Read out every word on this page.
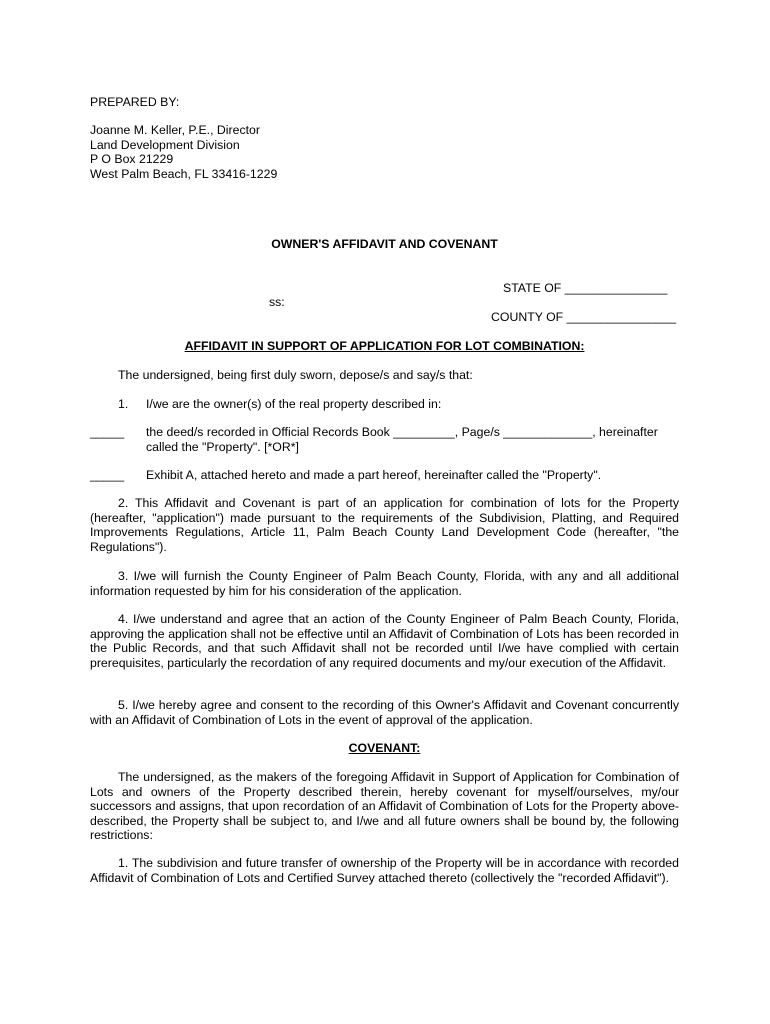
PREPARED BY:
Joanne M. Keller, P.E., Director
Land Development Division
P O Box 21229
West Palm Beach, FL 33416-1229
OWNER'S AFFIDAVIT AND COVENANT
STATE OF _______________
ss:
COUNTY OF ________________
AFFIDAVIT IN SUPPORT OF APPLICATION FOR LOT COMBINATION:
The undersigned, being first duly sworn, depose/s and say/s that:
1. I/we are the owner(s) of the real property described in:
_____ the deed/s recorded in Official Records Book _________, Page/s _____________, hereinafter
called the "Property". [*OR*]
_____ Exhibit A, attached hereto and made a part hereof, hereinafter called the "Property".
2. This Affidavit and Covenant is part of an application for combination of lots for the Property (hereafter, "application") made pursuant to the requirements of the Subdivision, Platting, and Required Improvements Regulations, Article 11, Palm Beach County Land Development Code (hereafter, "the Regulations").
3. I/we will furnish the County Engineer of Palm Beach County, Florida, with any and all additional information requested by him for his consideration of the application.
4. I/we understand and agree that an action of the County Engineer of Palm Beach County, Florida, approving the application shall not be effective until an Affidavit of Combination of Lots has been recorded in the Public Records, and that such Affidavit shall not be recorded until I/we have complied with certain prerequisites, particularly the recordation of any required documents and my/our execution of the Affidavit.
5. I/we hereby agree and consent to the recording of this Owner's Affidavit and Covenant concurrently with an Affidavit of Combination of Lots in the event of approval of the application.
COVENANT:
The undersigned, as the makers of the foregoing Affidavit in Support of Application for Combination of Lots and owners of the Property described therein, hereby covenant for myself/ourselves, my/our successors and assigns, that upon recordation of an Affidavit of Combination of Lots for the Property above-described, the Property shall be subject to, and I/we and all future owners shall be bound by, the following restrictions:
1. The subdivision and future transfer of ownership of the Property will be in accordance with recorded Affidavit of Combination of Lots and Certified Survey attached thereto (collectively the "recorded Affidavit").
